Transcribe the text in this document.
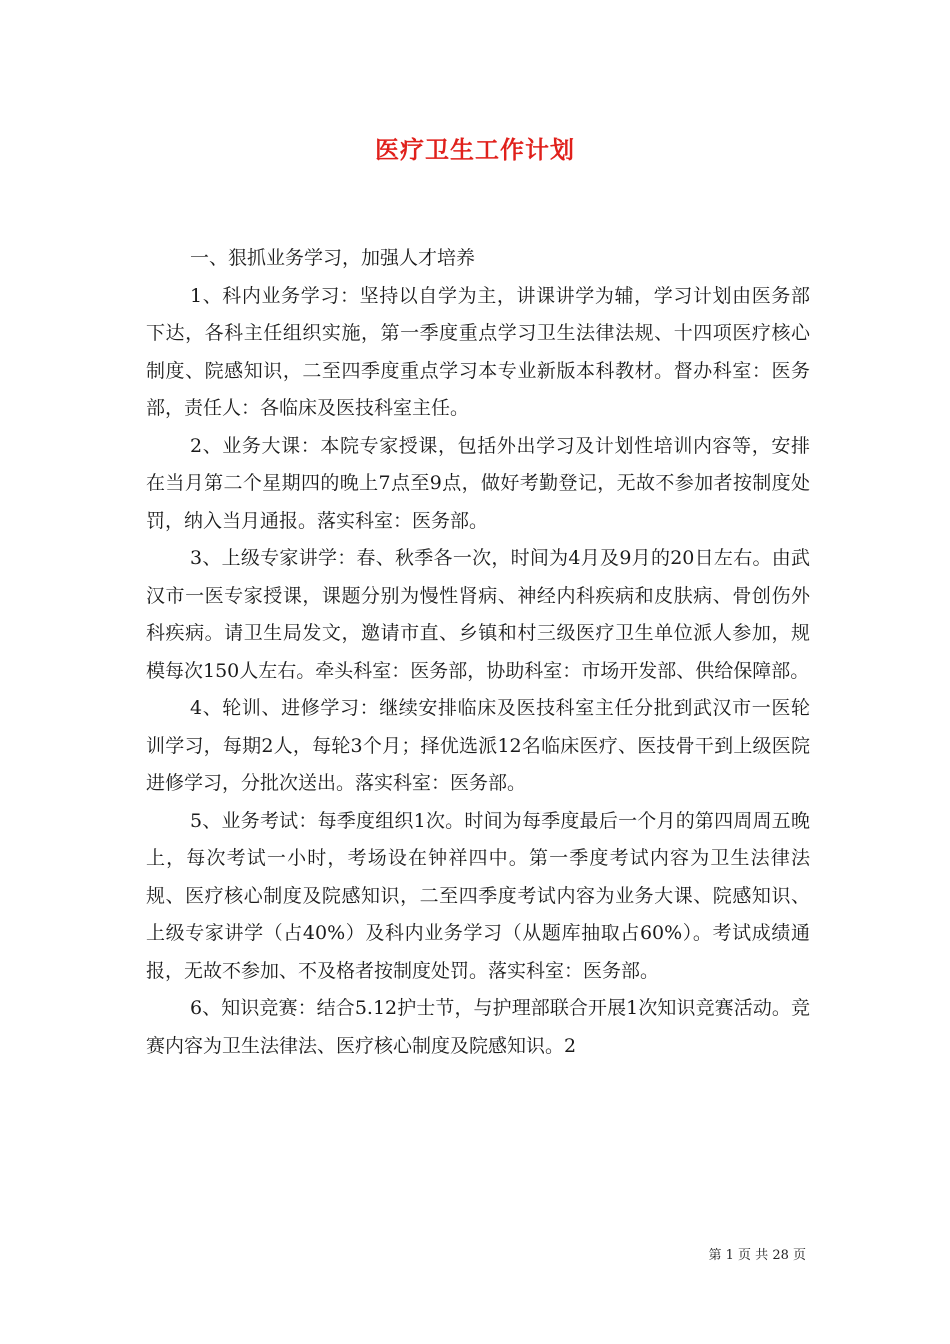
医疗卫生工作计划

一、狠抓业务学习，加强人才培养

1、科内业务学习：坚持以自学为主，讲课讲学为辅，学习计划由医务部下达，各科主任组织实施，第一季度重点学习卫生法律法规、十四项医疗核心制度、院感知识，二至四季度重点学习本专业新版本科教材。督办科室：医务部，责任人：各临床及医技科室主任。

2、业务大课：本院专家授课，包括外出学习及计划性培训内容等，安排在当月第二个星期四的晚上7点至9点，做好考勤登记，无故不参加者按制度处罚，纳入当月通报。落实科室：医务部。

3、上级专家讲学：春、秋季各一次，时间为4月及9月的20日左右。由武汉市一医专家授课，课题分别为慢性肾病、神经内科疾病和皮肤病、骨创伤外科疾病。请卫生局发文，邀请市直、乡镇和村三级医疗卫生单位派人参加，规模每次150人左右。牵头科室：医务部，协助科室：市场开发部、供给保障部。

4、轮训、进修学习：继续安排临床及医技科室主任分批到武汉市一医轮训学习，每期2人，每轮3个月；择优选派12名临床医疗、医技骨干到上级医院进修学习，分批次送出。落实科室：医务部。

5、业务考试：每季度组织1次。时间为每季度最后一个月的第四周周五晚上，每次考试一小时，考场设在钟祥四中。第一季度考试内容为卫生法律法规、医疗核心制度及院感知识，二至四季度考试内容为业务大课、院感知识、上级专家讲学（占40%）及科内业务学习（从题库抽取占60%）。考试成绩通报，无故不参加、不及格者按制度处罚。落实科室：医务部。

6、知识竞赛：结合5.12护士节，与护理部联合开展1次知识竞赛活动。竞赛内容为卫生法律法、医疗核心制度及院感知识。2

第 1 页 共 28 页
